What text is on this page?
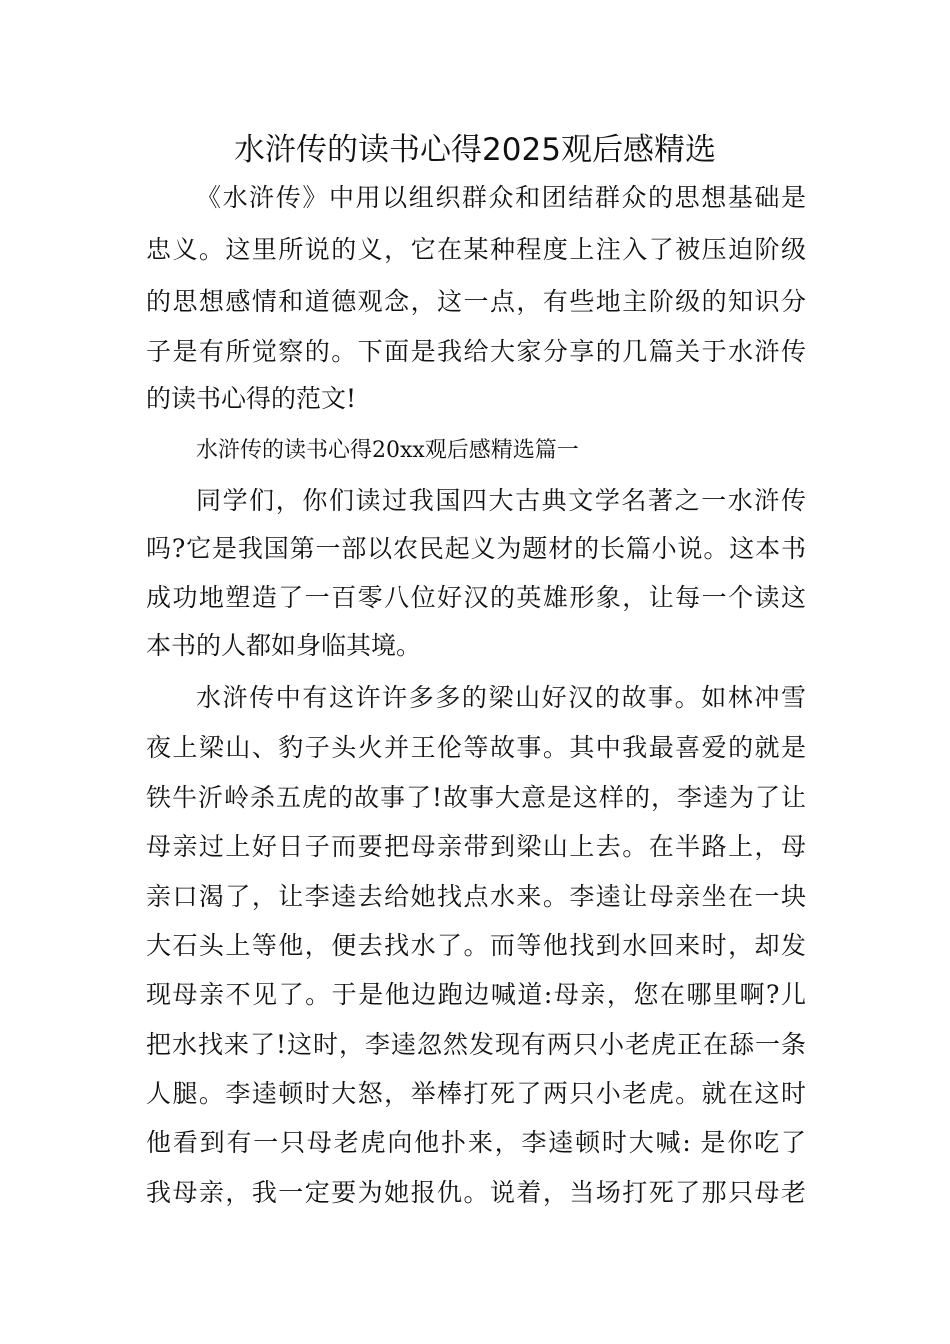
水浒传的读书心得2025观后感精选
《水浒传》中用以组织群众和团结群众的思想基础是
忠义。这里所说的义，它在某种程度上注入了被压迫阶级
的思想感情和道德观念，这一点，有些地主阶级的知识分
子是有所觉察的。下面是我给大家分享的几篇关于水浒传
的读书心得的范文!
水浒传的读书心得20xx观后感精选篇一
同学们，你们读过我国四大古典文学名著之一水浒传
吗?它是我国第一部以农民起义为题材的长篇小说。这本书
成功地塑造了一百零八位好汉的英雄形象，让每一个读这
本书的人都如身临其境。
水浒传中有这许许多多的梁山好汉的故事。如林冲雪
夜上梁山、豹子头火并王伦等故事。其中我最喜爱的就是
铁牛沂岭杀五虎的故事了!故事大意是这样的，李逵为了让
母亲过上好日子而要把母亲带到梁山上去。在半路上，母
亲口渴了，让李逵去给她找点水来。李逵让母亲坐在一块
大石头上等他，便去找水了。而等他找到水回来时，却发
现母亲不见了。于是他边跑边喊道:母亲，您在哪里啊?儿
把水找来了!这时，李逵忽然发现有两只小老虎正在舔一条
人腿。李逵顿时大怒，举棒打死了两只小老虎。就在这时
他看到有一只母老虎向他扑来，李逵顿时大喊: 是你吃了
我母亲，我一定要为她报仇。说着，当场打死了那只母老
